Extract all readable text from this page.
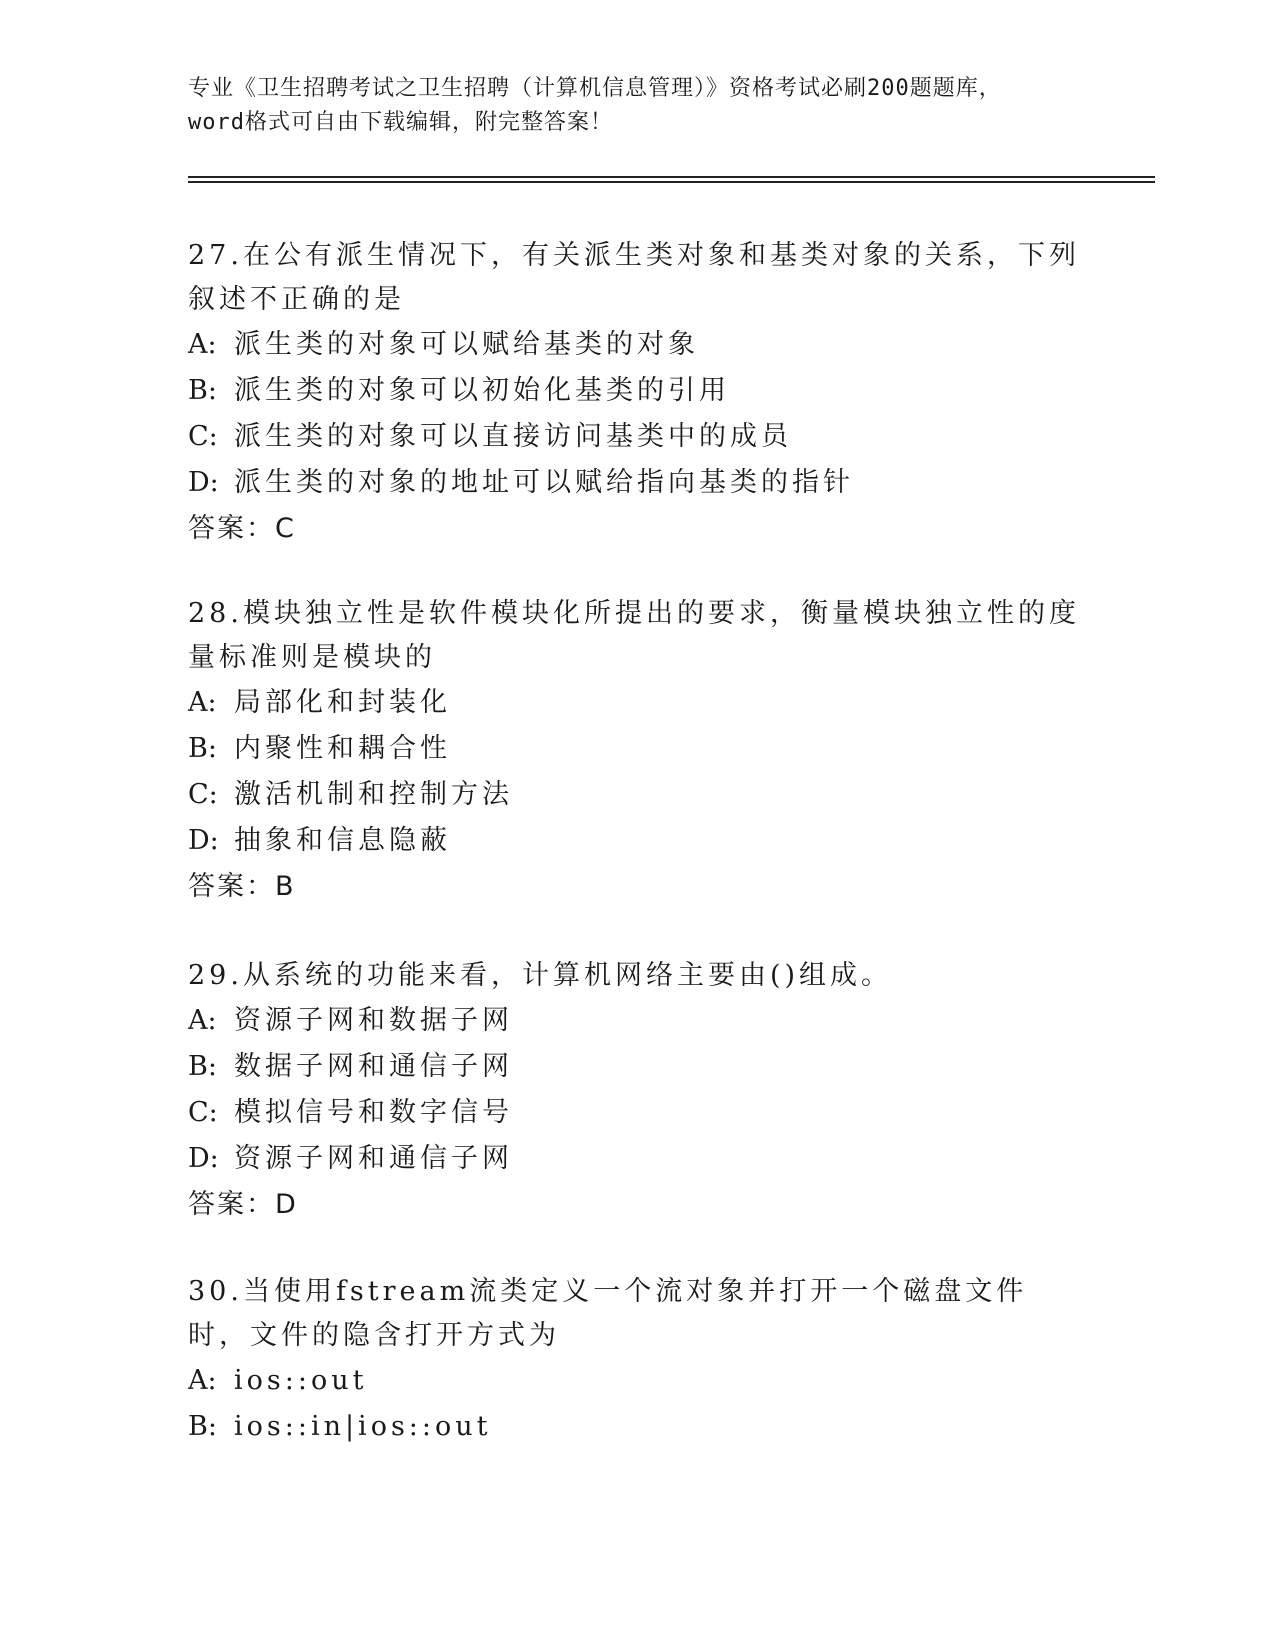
专业《卫生招聘考试之卫生招聘（计算机信息管理）》资格考试必刷200题题库，

word格式可自由下载编辑，附完整答案！

27.在公有派生情况下，有关派生类对象和基类对象的关系，下列叙述不正确的是

A: 派生类的对象可以赋给基类的对象

B: 派生类的对象可以初始化基类的引用

C: 派生类的对象可以直接访问基类中的成员

D: 派生类的对象的地址可以赋给指向基类的指针

答案：C

28.模块独立性是软件模块化所提出的要求，衡量模块独立性的度量标准则是模块的

A: 局部化和封装化

B: 内聚性和耦合性

C: 激活机制和控制方法

D: 抽象和信息隐蔽

答案：B

29.从系统的功能来看，计算机网络主要由()组成。

A: 资源子网和数据子网

B: 数据子网和通信子网

C: 模拟信号和数字信号

D: 资源子网和通信子网

答案：D

30.当使用fstream流类定义一个流对象并打开一个磁盘文件时，文件的隐含打开方式为

A: ios::out

B: ios::in|ios::out
